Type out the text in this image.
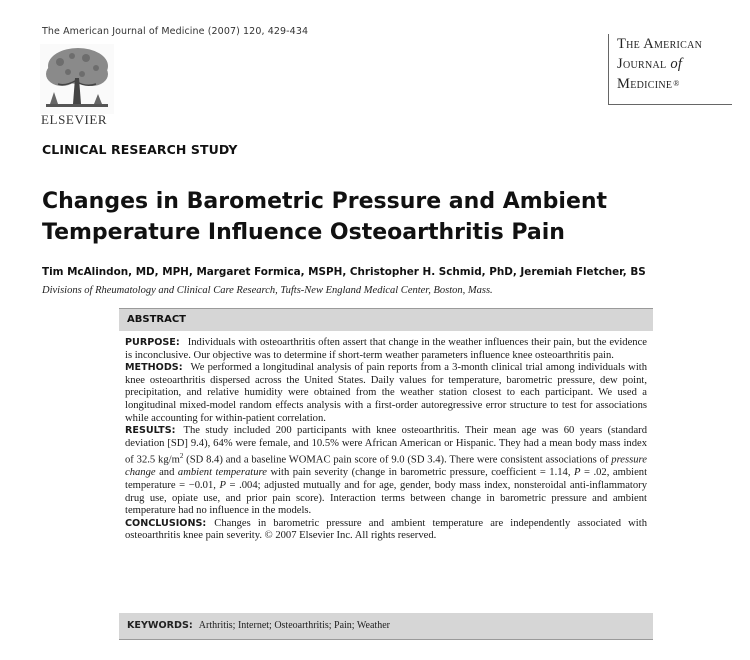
The American Journal of Medicine (2007) 120, 429-434
ELSEVIER
The American
Journal of
Medicine®
CLINICAL RESEARCH STUDY
Changes in Barometric Pressure and Ambient Temperature Influence Osteoarthritis Pain
Tim McAlindon, MD, MPH, Margaret Formica, MSPH, Christopher H. Schmid, PhD, Jeremiah Fletcher, BS
Divisions of Rheumatology and Clinical Care Research, Tufts-New England Medical Center, Boston, Mass.
ABSTRACT

PURPOSE: Individuals with osteoarthritis often assert that change in the weather influences their pain, but the evidence is inconclusive. Our objective was to determine if short-term weather parameters influence knee osteoarthritis pain.

METHODS: We performed a longitudinal analysis of pain reports from a 3-month clinical trial among individuals with knee osteoarthritis dispersed across the United States. Daily values for temperature, barometric pressure, dew point, precipitation, and relative humidity were obtained from the weather station closest to each participant. We used a longitudinal mixed-model random effects analysis with a first-order autoregressive error structure to test for associations while accounting for within-patient correlation.

RESULTS: The study included 200 participants with knee osteoarthritis. Their mean age was 60 years (standard deviation [SD] 9.4), 64% were female, and 10.5% were African American or Hispanic. They had a mean body mass index of 32.5 $kg/m^2$ (SD 8.4) and a baseline WOMAC pain score of 9.0 (SD 3.4). There were consistent associations of pressure change and ambient temperature with pain severity (change in barometric pressure, coefficient = 1.14, P = .02, ambient temperature = −0.01, P = .004; adjusted mutually and for age, gender, body mass index, nonsteroidal anti-inflammatory drug use, opiate use, and prior pain score). Interaction terms between change in barometric pressure and ambient temperature had no influence in the models.

CONCLUSIONS: Changes in barometric pressure and ambient temperature are independently associated with osteoarthritis knee pain severity. © 2007 Elsevier Inc. All rights reserved.

KEYWORDS: Arthritis; Internet; Osteoarthritis; Pain; Weather
